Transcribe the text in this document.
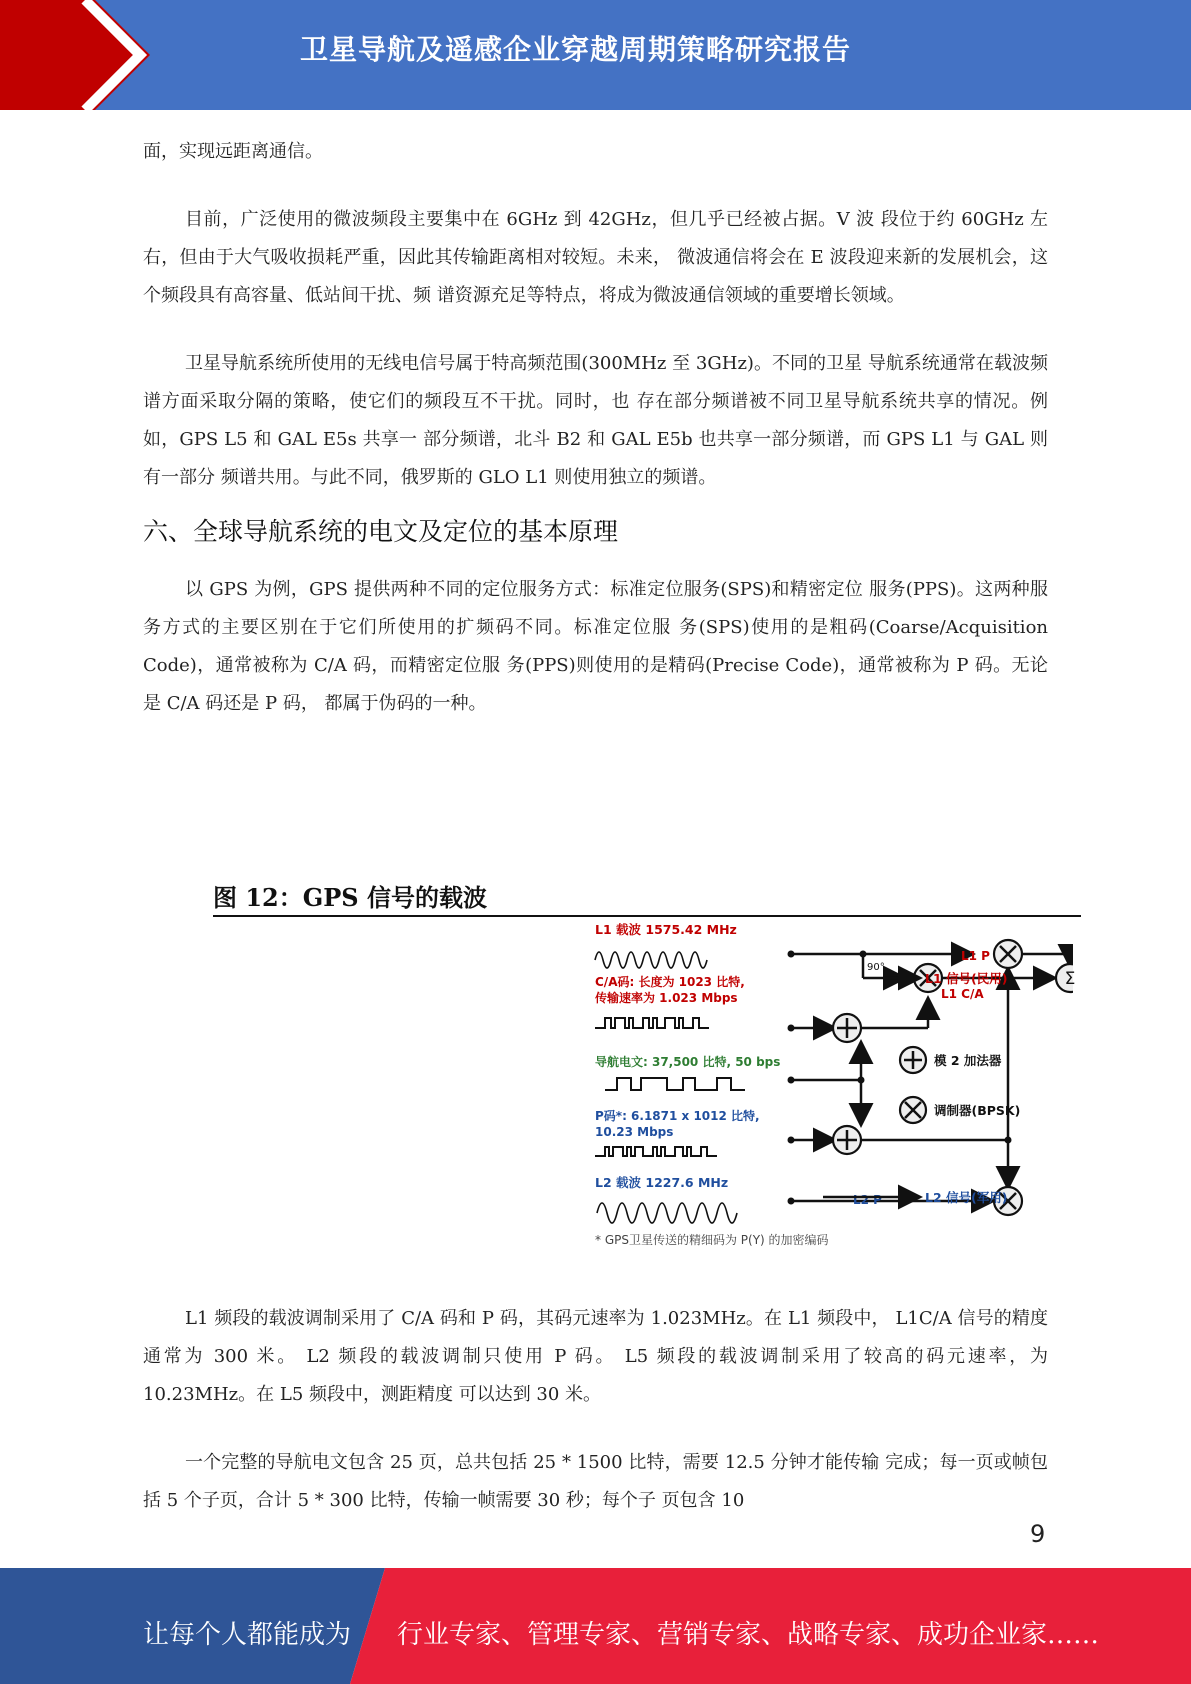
卫星导航及遥感企业穿越周期策略研究报告

面，实现远距离通信。

目前，广泛使用的微波频段主要集中在 6GHz 到 42GHz，但几乎已经被占据。V 波 段位于约 60GHz 左右，但由于大气吸收损耗严重，因此其传输距离相对较短。未来， 微波通信将会在 E 波段迎来新的发展机会，这个频段具有高容量、低站间干扰、频 谱资源充足等特点，将成为微波通信领域的重要增长领域。

卫星导航系统所使用的无线电信号属于特高频范围(300MHz 至 3GHz)。不同的卫星 导航系统通常在载波频谱方面采取分隔的策略，使它们的频段互不干扰。同时，也 存在部分频谱被不同卫星导航系统共享的情况。例如，GPS L5 和 GAL E5s 共享一 部分频谱，北斗 B2 和 GAL E5b 也共享一部分频谱，而 GPS L1 与 GAL 则有一部分 频谱共用。与此不同，俄罗斯的 GLO L1 则使用独立的频谱。

六、全球导航系统的电文及定位的基本原理

以 GPS 为例，GPS 提供两种不同的定位服务方式：标准定位服务(SPS)和精密定位 服务(PPS)。这两种服务方式的主要区别在于它们所使用的扩频码不同。标准定位服 务(SPS)使用的是粗码(Coarse/Acquisition Code)，通常被称为 C/A 码，而精密定位服 务(PPS)则使用的是精码(Precise Code)，通常被称为 P 码。无论是 C/A 码还是 P 码， 都属于伪码的一种。

图 12：GPS 信号的载波
L1 载波 1575.42 MHz
C/A码: 长度为 1023 比特,
传输速率为 1.023 Mbps
导航电文: 37,500 比特, 50 bps
P码*: 6.1871 x 1012 比特,
10.23 Mbps
L2 载波 1227.6 MHz
* GPS卫星传送的精细码为 P(Y) 的加密编码
90°
Σ
L1 P
L1 C/A
L2 P
L1 信号(民用)
L2 信号(军用)
模 2 加法器
调制器(BPSK)

L1 频段的载波调制采用了 C/A 码和 P 码，其码元速率为 1.023MHz。在 L1 频段中， L1C/A 信号的精度通常为 300 米。 L2 频段的载波调制只使用 P 码。 L5 频段的载波调制采用了较高的码元速率，为 10.23MHz。在 L5 频段中，测距精度 可以达到 30 米。

一个完整的导航电文包含 25 页，总共包括 25 * 1500 比特，需要 12.5 分钟才能传输 完成；每一页或帧包括 5 个子页，合计 5 * 300 比特，传输一帧需要 30 秒；每个子 页包含 10

9
让每个人都能成为 行业专家、管理专家、营销专家、战略专家、成功企业家……
